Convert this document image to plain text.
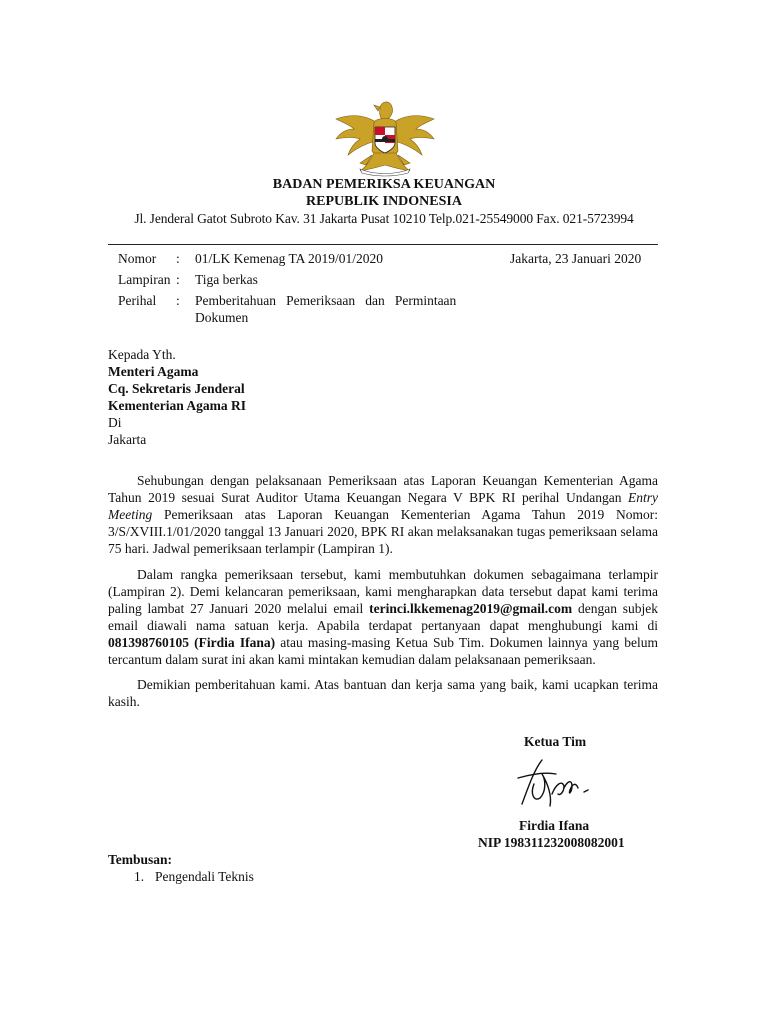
BADAN PEMERIKSA KEUANGAN
REPUBLIK INDONESIA
Jl. Jenderal Gatot Subroto Kav. 31 Jakarta Pusat 10210 Telp.021-25549000 Fax. 021-5723994
Nomor : 01/LK Kemenag TA 2019/01/2020	Jakarta, 23 Januari 2020
Lampiran : Tiga berkas
Perihal : Pemberitahuan   Pemeriksaan   dan   Permintaan
Dokumen
Kepada Yth.
Menteri Agama
Cq. Sekretaris Jenderal
Kementerian Agama RI
Di
Jakarta
Sehubungan dengan pelaksanaan Pemeriksaan atas Laporan Keuangan Kementerian Agama Tahun 2019 sesuai Surat Auditor Utama Keuangan Negara V BPK RI perihal Undangan Entry Meeting Pemeriksaan atas Laporan Keuangan Kementerian Agama Tahun 2019 Nomor: 3/S/XVIII.1/01/2020 tanggal 13 Januari 2020, BPK RI akan melaksanakan tugas pemeriksaan selama 75 hari. Jadwal pemeriksaan terlampir (Lampiran 1).
Dalam rangka pemeriksaan tersebut, kami membutuhkan dokumen sebagaimana terlampir (Lampiran 2). Demi kelancaran pemeriksaan, kami mengharapkan data tersebut dapat kami terima paling lambat 27 Januari 2020 melalui email terinci.lkkemenag2019@gmail.com dengan subjek email diawali nama satuan kerja. Apabila terdapat pertanyaan dapat menghubungi kami di 081398760105 (Firdia Ifana) atau masing-masing Ketua Sub Tim. Dokumen lainnya yang belum tercantum dalam surat ini akan kami mintakan kemudian dalam pelaksanaan pemeriksaan.
Demikian pemberitahuan kami. Atas bantuan dan kerja sama yang baik, kami ucapkan terima kasih.
Ketua Tim
Firdia Ifana
NIP 198311232008082001
Tembusan:
1. Pengendali Teknis
